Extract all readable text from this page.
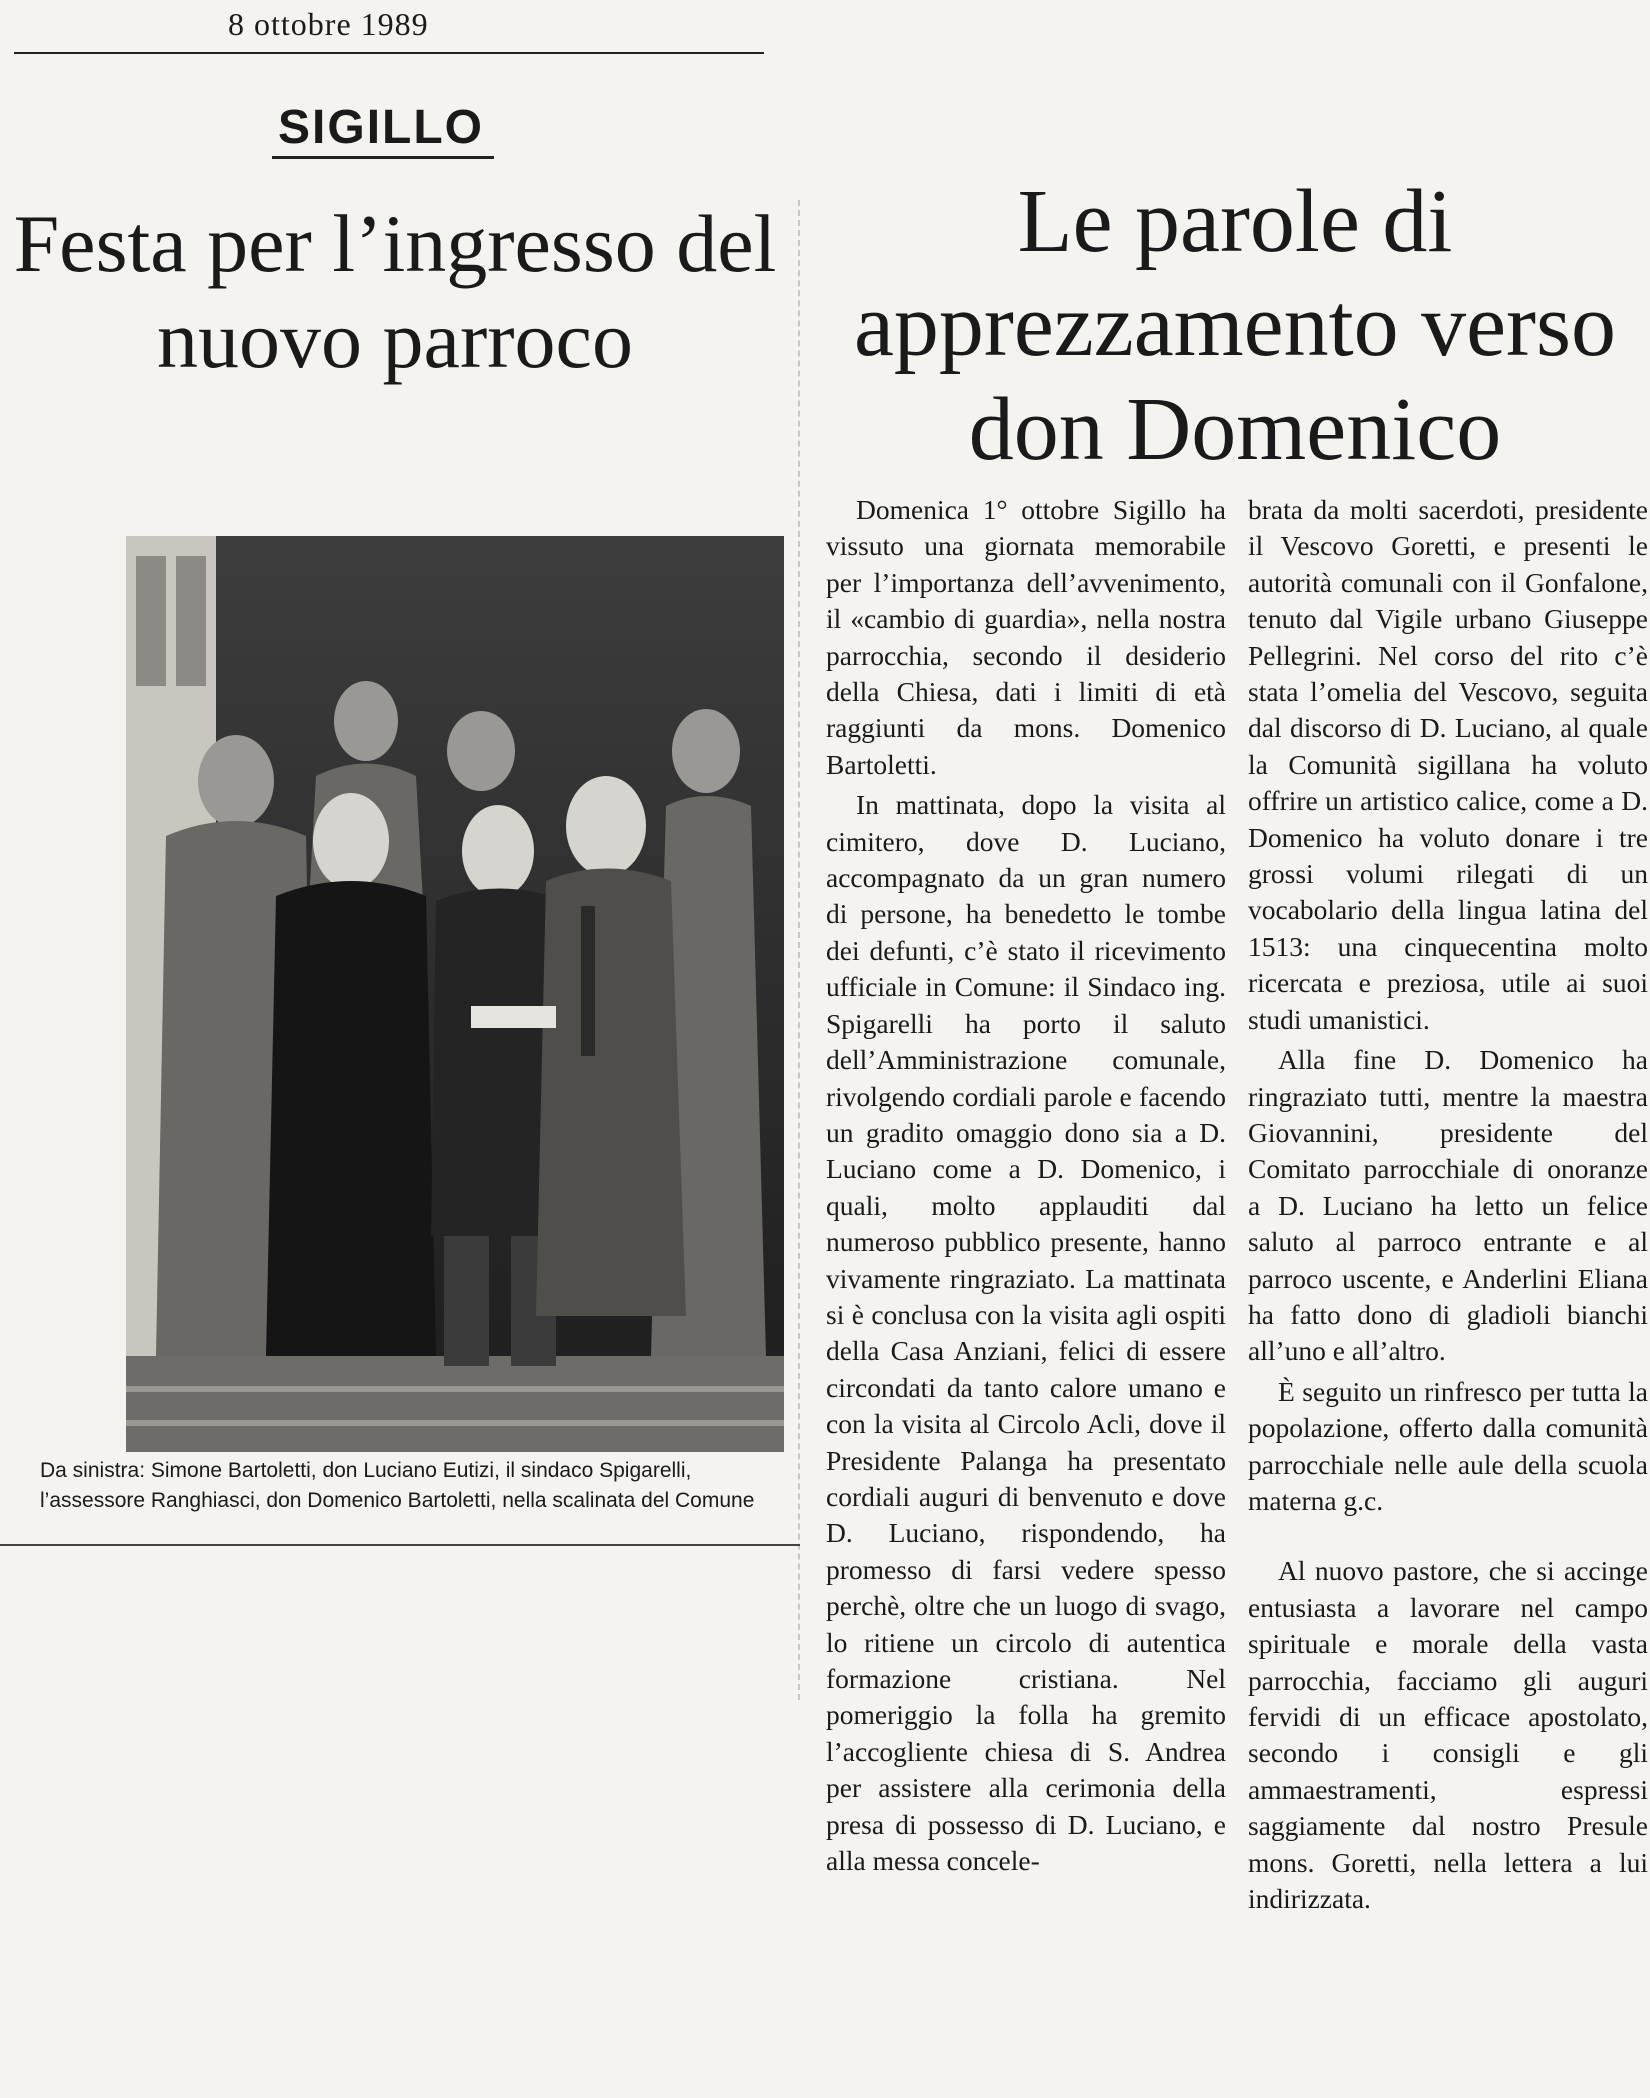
8 ottobre 1989
SIGILLO
Festa per l’ingresso del nuovo parroco
Le parole di apprezzamento verso don Domenico
Da sinistra: Simone Bartoletti, don Luciano Eutizi, il sindaco Spigarelli, l’assessore Ranghiasci, don Domenico Bartoletti, nella scalinata del Comune

Domenica 1° ottobre Sigillo ha vissuto una giornata memorabile per l’importanza dell’avvenimento, il «cambio di guardia», nella nostra parrocchia, secondo il desiderio della Chiesa, dati i limiti di età raggiunti da mons. Domenico Bartoletti.

In mattinata, dopo la visita al cimitero, dove D. Luciano, accompagnato da un gran numero di persone, ha benedetto le tombe dei defunti, c’è stato il ricevimento ufficiale in Comune: il Sindaco ing. Spigarelli ha porto il saluto dell’Amministrazione comunale, rivolgendo cordiali parole e facendo un gradito omaggio dono sia a D. Luciano come a D. Domenico, i quali, molto applauditi dal numeroso pubblico presente, hanno vivamente ringraziato. La mattinata si è conclusa con la visita agli ospiti della Casa Anziani, felici di essere circondati da tanto calore umano e con la visita al Circolo Acli, dove il Presidente Palanga ha presentato cordiali auguri di benvenuto e dove D. Luciano, rispondendo, ha promesso di farsi vedere spesso perchè, oltre che un luogo di svago, lo ritiene un circolo di autentica formazione cristiana. Nel pomeriggio la folla ha gremito l’accogliente chiesa di S. Andrea per assistere alla cerimonia della presa di possesso di D. Luciano, e alla messa concele-

brata da molti sacerdoti, presidente il Vescovo Goretti, e presenti le autorità comunali con il Gonfalone, tenuto dal Vigile urbano Giuseppe Pellegrini. Nel corso del rito c’è stata l’omelia del Vescovo, seguita dal discorso di D. Luciano, al quale la Comunità sigillana ha voluto offrire un artistico calice, come a D. Domenico ha voluto donare i tre grossi volumi rilegati di un vocabolario della lingua latina del 1513: una cinquecentina molto ricercata e preziosa, utile ai suoi studi umanistici.

Alla fine D. Domenico ha ringraziato tutti, mentre la maestra Giovannini, presidente del Comitato parrocchiale di onoranze a D. Luciano ha letto un felice saluto al parroco entrante e al parroco uscente, e Anderlini Eliana ha fatto dono di gladioli bianchi all’uno e all’altro.

È seguito un rinfresco per tutta la popolazione, offerto dalla comunità parrocchiale nelle aule della scuola materna g.c.

Al nuovo pastore, che si accinge entusiasta a lavorare nel campo spirituale e morale della vasta parrocchia, facciamo gli auguri fervidi di un efficace apostolato, secondo i consigli e gli ammaestramenti, espressi saggiamente dal nostro Presule mons. Goretti, nella lettera a lui indirizzata.
